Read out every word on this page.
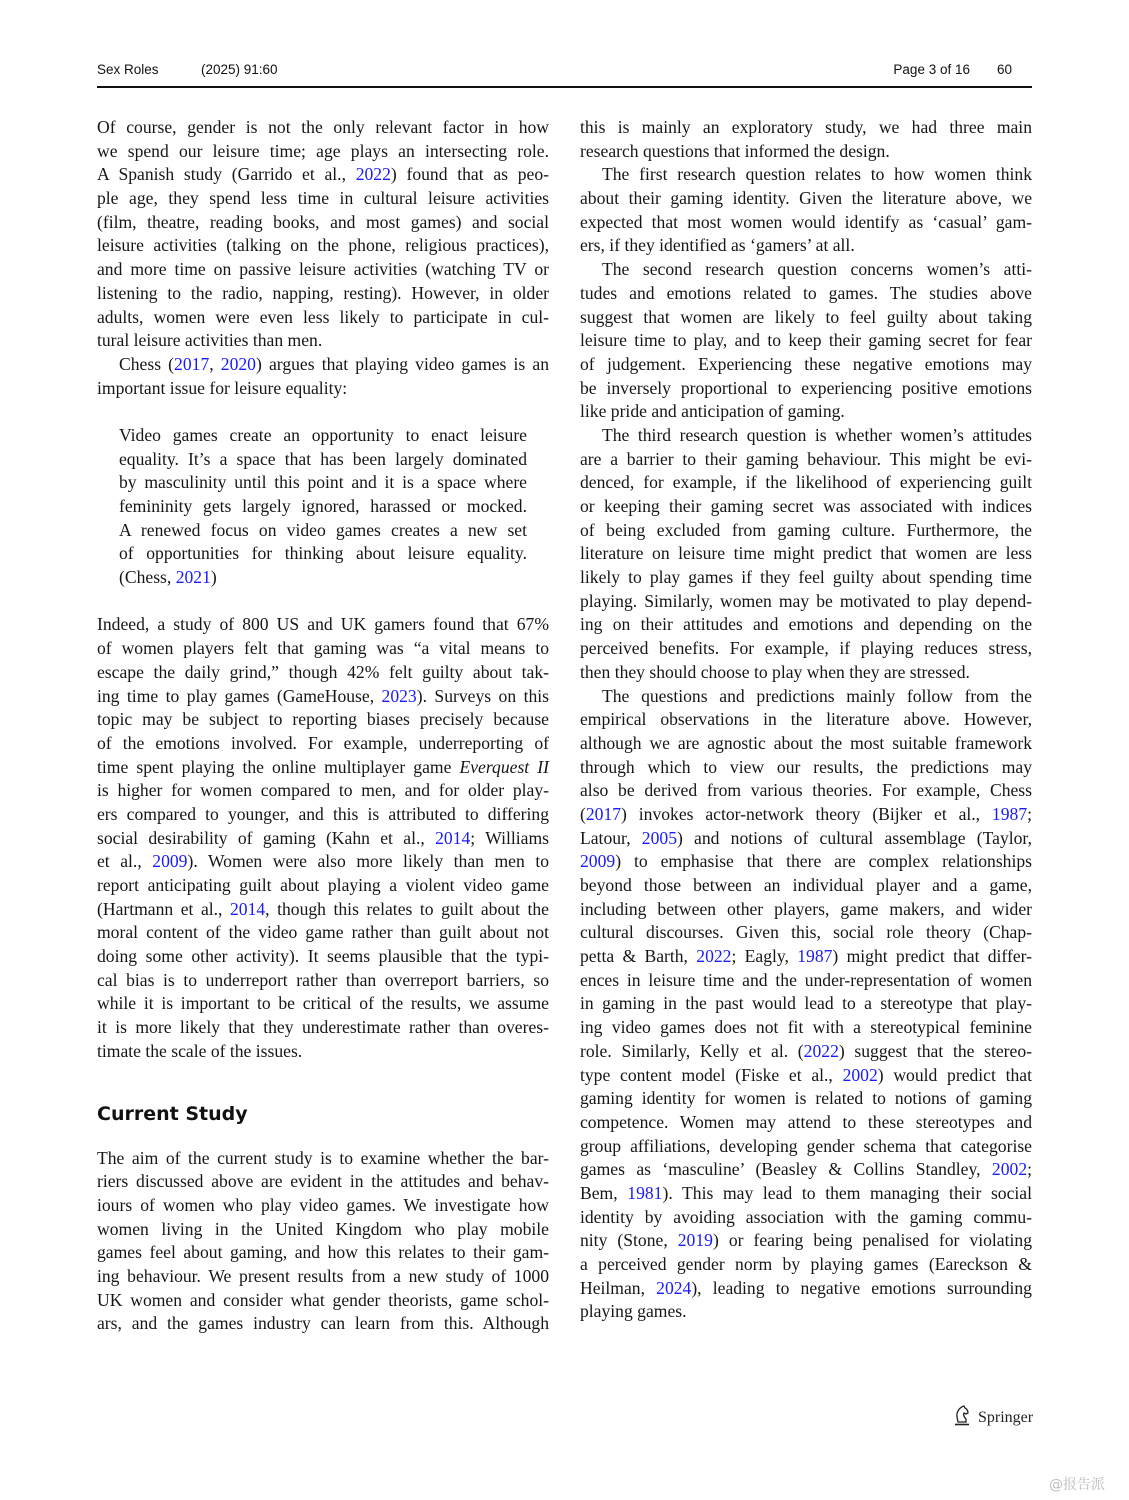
Sex Roles	(2025) 91:60	Page 3 of 16 60
Of course, gender is not the only relevant factor in how
we spend our leisure time; age plays an intersecting role.
A Spanish study (Garrido et al., 2022) found that as peo-
ple age, they spend less time in cultural leisure activities
(film, theatre, reading books, and most games) and social
leisure activities (talking on the phone, religious practices),
and more time on passive leisure activities (watching TV or
listening to the radio, napping, resting). However, in older
adults, women were even less likely to participate in cul-
tural leisure activities than men.
Chess (2017, 2020) argues that playing video games is an
important issue for leisure equality:
Video games create an opportunity to enact leisure
equality. It’s a space that has been largely dominated
by masculinity until this point and it is a space where
femininity gets largely ignored, harassed or mocked.
A renewed focus on video games creates a new set
of opportunities for thinking about leisure equality.
(Chess, 2021)
Indeed, a study of 800 US and UK gamers found that 67%
of women players felt that gaming was “a vital means to
escape the daily grind,” though 42% felt guilty about tak-
ing time to play games (GameHouse, 2023). Surveys on this
topic may be subject to reporting biases precisely because
of the emotions involved. For example, underreporting of
time spent playing the online multiplayer game Everquest II
is higher for women compared to men, and for older play-
ers compared to younger, and this is attributed to differing
social desirability of gaming (Kahn et al., 2014; Williams
et al., 2009). Women were also more likely than men to
report anticipating guilt about playing a violent video game
(Hartmann et al., 2014, though this relates to guilt about the
moral content of the video game rather than guilt about not
doing some other activity). It seems plausible that the typi-
cal bias is to underreport rather than overreport barriers, so
while it is important to be critical of the results, we assume
it is more likely that they underestimate rather than overes-
timate the scale of the issues.
Current Study
The aim of the current study is to examine whether the bar-
riers discussed above are evident in the attitudes and behav-
iours of women who play video games. We investigate how
women living in the United Kingdom who play mobile
games feel about gaming, and how this relates to their gam-
ing behaviour. We present results from a new study of 1000
UK women and consider what gender theorists, game schol-
ars, and the games industry can learn from this. Although
this is mainly an exploratory study, we had three main
research questions that informed the design.
The first research question relates to how women think
about their gaming identity. Given the literature above, we
expected that most women would identify as ‘casual’ gam-
ers, if they identified as ‘gamers’ at all.
The second research question concerns women’s atti-
tudes and emotions related to games. The studies above
suggest that women are likely to feel guilty about taking
leisure time to play, and to keep their gaming secret for fear
of judgement. Experiencing these negative emotions may
be inversely proportional to experiencing positive emotions
like pride and anticipation of gaming.
The third research question is whether women’s attitudes
are a barrier to their gaming behaviour. This might be evi-
denced, for example, if the likelihood of experiencing guilt
or keeping their gaming secret was associated with indices
of being excluded from gaming culture. Furthermore, the
literature on leisure time might predict that women are less
likely to play games if they feel guilty about spending time
playing. Similarly, women may be motivated to play depend-
ing on their attitudes and emotions and depending on the
perceived benefits. For example, if playing reduces stress,
then they should choose to play when they are stressed.
The questions and predictions mainly follow from the
empirical observations in the literature above. However,
although we are agnostic about the most suitable framework
through which to view our results, the predictions may
also be derived from various theories. For example, Chess
(2017) invokes actor-network theory (Bijker et al., 1987;
Latour, 2005) and notions of cultural assemblage (Taylor,
2009) to emphasise that there are complex relationships
beyond those between an individual player and a game,
including between other players, game makers, and wider
cultural discourses. Given this, social role theory (Chap-
petta & Barth, 2022; Eagly, 1987) might predict that differ-
ences in leisure time and the under-representation of women
in gaming in the past would lead to a stereotype that play-
ing video games does not fit with a stereotypical feminine
role. Similarly, Kelly et al. (2022) suggest that the stereo-
type content model (Fiske et al., 2002) would predict that
gaming identity for women is related to notions of gaming
competence. Women may attend to these stereotypes and
group affiliations, developing gender schema that categorise
games as ‘masculine’ (Beasley & Collins Standley, 2002;
Bem, 1981). This may lead to them managing their social
identity by avoiding association with the gaming commu-
nity (Stone, 2019) or fearing being penalised for violating
a perceived gender norm by playing games (Eareckson &
Heilman, 2024), leading to negative emotions surrounding
playing games.
Springer
@报告派
